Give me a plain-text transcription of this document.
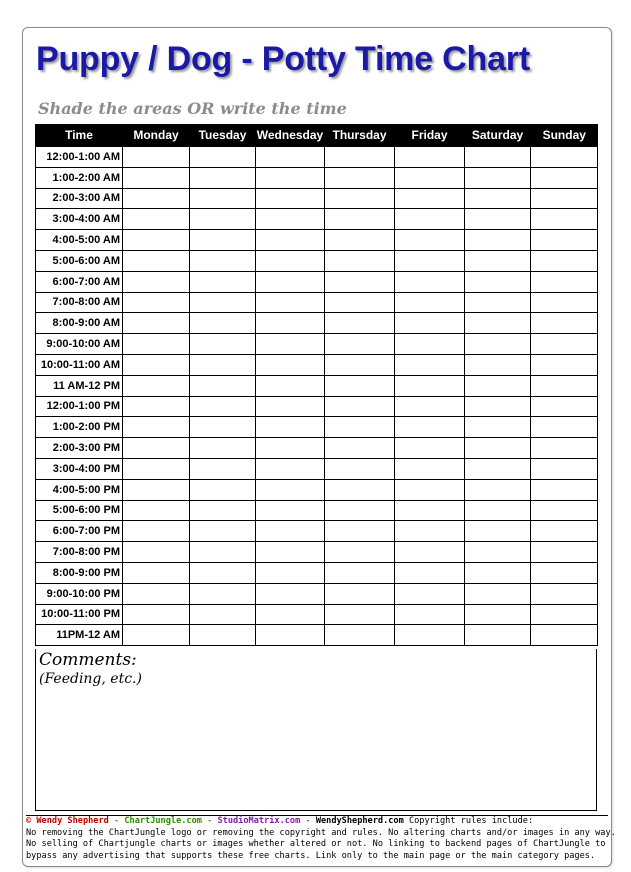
Puppy / Dog - Potty Time Chart
Shade the areas OR write the time
Time	Monday	Tuesday	Wednesday	Thursday	Friday	Saturday	Sunday
12:00-1:00 AM							
1:00-2:00 AM							
2:00-3:00 AM							
3:00-4:00 AM							
4:00-5:00 AM							
5:00-6:00 AM							
6:00-7:00 AM							
7:00-8:00 AM							
8:00-9:00 AM							
9:00-10:00 AM							
10:00-11:00 AM							
11 AM-12 PM							
12:00-1:00 PM							
1:00-2:00 PM							
2:00-3:00 PM							
3:00-4:00 PM							
4:00-5:00 PM							
5:00-6:00 PM							
6:00-7:00 PM							
7:00-8:00 PM							
8:00-9:00 PM							
9:00-10:00 PM							
10:00-11:00 PM							
11PM-12 AM							
Comments:
(Feeding, etc.)
© Wendy Shepherd - ChartJungle.com - StudioMatrix.com - WendyShepherd.com Copyright rules include:
No removing the ChartJungle logo or removing the copyright and rules. No altering charts and/or images in any way.
No selling of Chartjungle charts or images whether altered or not. No linking to backend pages of ChartJungle to
bypass any advertising that supports these free charts. Link only to the main page or the main category pages.
